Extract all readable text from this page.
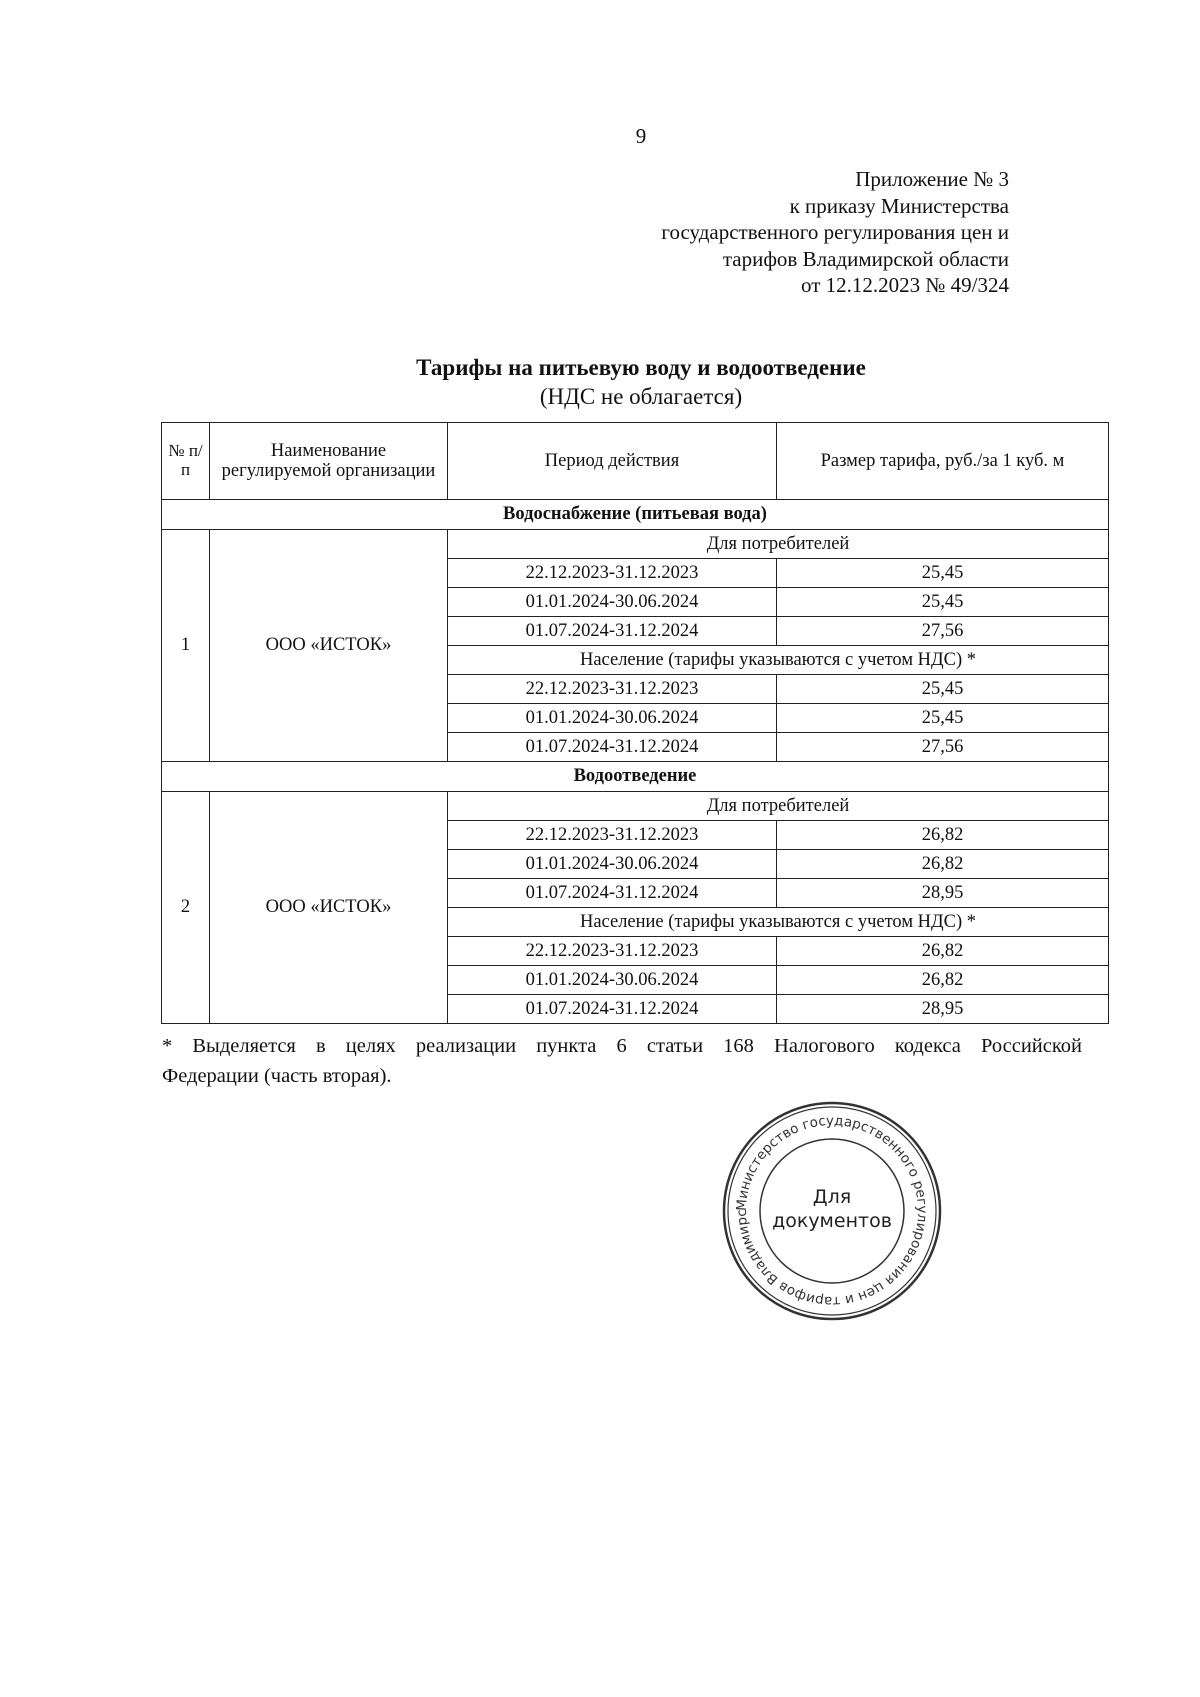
9
Приложение № 3
к приказу Министерства
государственного регулирования цен и
тарифов Владимирской области
от 12.12.2023 № 49/324
Тарифы на питьевую воду и водоотведение
(НДС не облагается)
№ п/п	Наименование регулируемой организации	Период действия	Размер тарифа, руб./за 1 куб. м
Водоснабжение (питьевая вода)			
1	ООО «ИСТОК»	Для потребителей	
		22.12.2023-31.12.2023	25,45
		01.01.2024-30.06.2024	25,45
		01.07.2024-31.12.2024	27,56
		Население (тарифы указываются с учетом НДС) *	
		22.12.2023-31.12.2023	25,45
		01.01.2024-30.06.2024	25,45
		01.07.2024-31.12.2024	27,56
Водоотведение			
2	ООО «ИСТОК»	Для потребителей	
		22.12.2023-31.12.2023	26,82
		01.01.2024-30.06.2024	26,82
		01.07.2024-31.12.2024	28,95
		Население (тарифы указываются с учетом НДС) *	
		22.12.2023-31.12.2023	26,82
		01.01.2024-30.06.2024	26,82
		01.07.2024-31.12.2024	28,95
* Выделяется в целях реализации пункта 6 статьи 168 Налогового кодекса Российской
Федерации (часть вторая).
Министерство государственного регулирования цен и тарифов Владимирс
Для
документов
